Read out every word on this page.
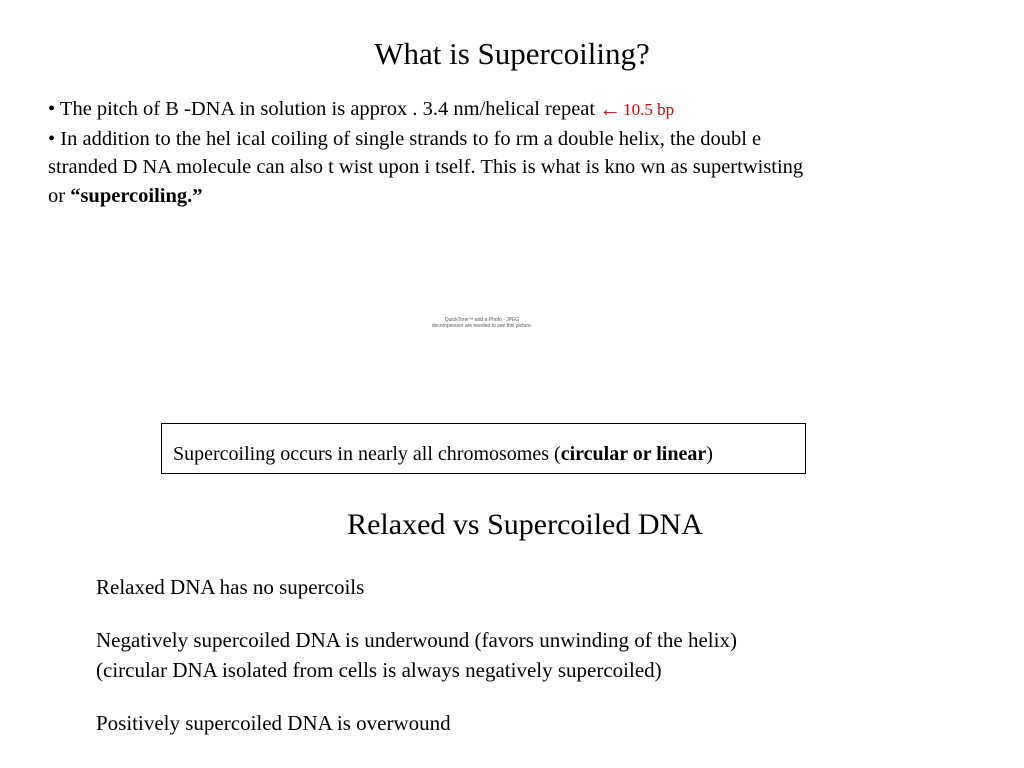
What is Supercoiling?

• The pitch of B -DNA in solution is approx . 3.4 nm/helical repeat ← 10.5 bp

• In addition to the hel ical coiling of single strands to fo rm a double helix, the doubl e stranded D NA molecule can also t wist upon i tself. This is what is kno wn as supertwisting or “supercoiling.”

QuickTime™ and a Photo - JPEG decompressor are needed to see this picture.
Supercoiling occurs in nearly all chromosomes (circular or linear)
Relaxed vs Supercoiled DNA

Relaxed DNA has no supercoils

Negatively supercoiled DNA is underwound (favors unwinding of the helix)

(circular DNA isolated from cells is always negatively supercoiled)

Positively supercoiled DNA is overwound
